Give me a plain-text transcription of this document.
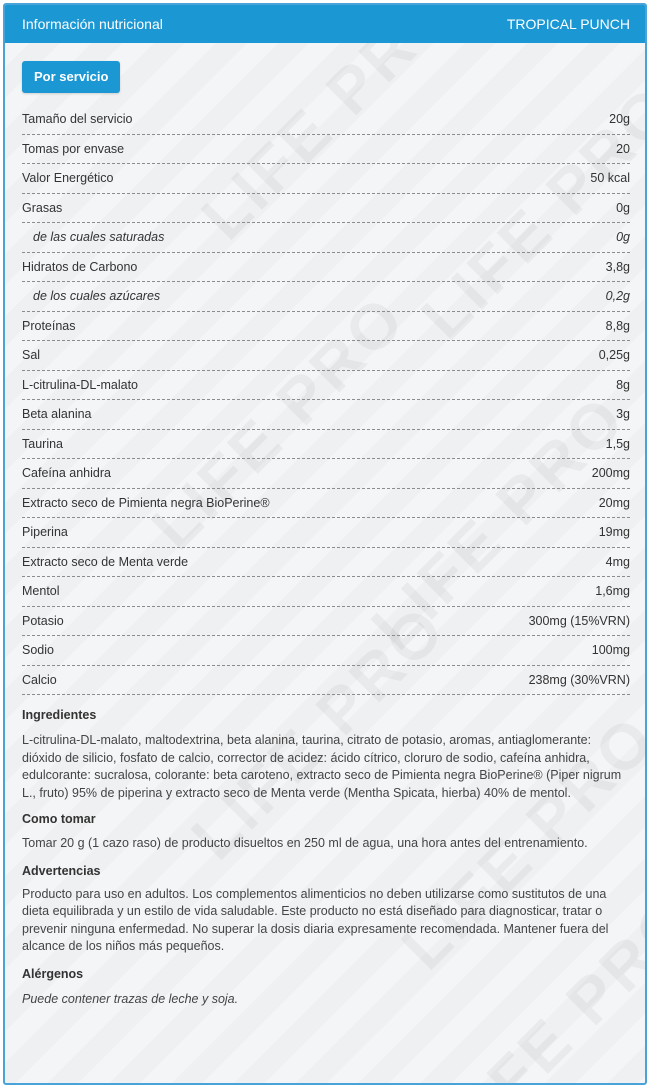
Información nutricional	TROPICAL PUNCH
Por servicio
Tamaño del servicio	20g
Tomas por envase	20
Valor Energético	50 kcal
Grasas	0g
de las cuales saturadas	0g
Hidratos de Carbono	3,8g
de los cuales azúcares	0,2g
Proteínas	8,8g
Sal	0,25g
L-citrulina-DL-malato	8g
Beta alanina	3g
Taurina	1,5g
Cafeína anhidra	200mg
Extracto seco de Pimienta negra BioPerine®	20mg
Piperina	19mg
Extracto seco de Menta verde	4mg
Mentol	1,6mg
Potasio	300mg (15%VRN)
Sodio	100mg
Calcio	238mg (30%VRN)
Ingredientes

L-citrulina-DL-malato, maltodextrina, beta alanina, taurina, citrato de potasio, aromas, antiaglomerante: dióxido de silicio, fosfato de calcio, corrector de acidez: ácido cítrico, cloruro de sodio, cafeína anhidra, edulcorante: sucralosa, colorante: beta caroteno, extracto seco de Pimienta negra BioPerine® (Piper nigrum L., fruto) 95% de piperina y extracto seco de Menta verde (Mentha Spicata, hierba) 40% de mentol.

Como tomar

Tomar 20 g (1 cazo raso) de producto disueltos en 250 ml de agua, una hora antes del entrenamiento.

Advertencias

Producto para uso en adultos. Los complementos alimenticios no deben utilizarse como sustitutos de una dieta equilibrada y un estilo de vida saludable. Este producto no está diseñado para diagnosticar, tratar o prevenir ninguna enfermedad. No superar la dosis diaria expresamente recomendada. Mantener fuera del alcance de los niños más pequeños.

Alérgenos

Puede contener trazas de leche y soja.
